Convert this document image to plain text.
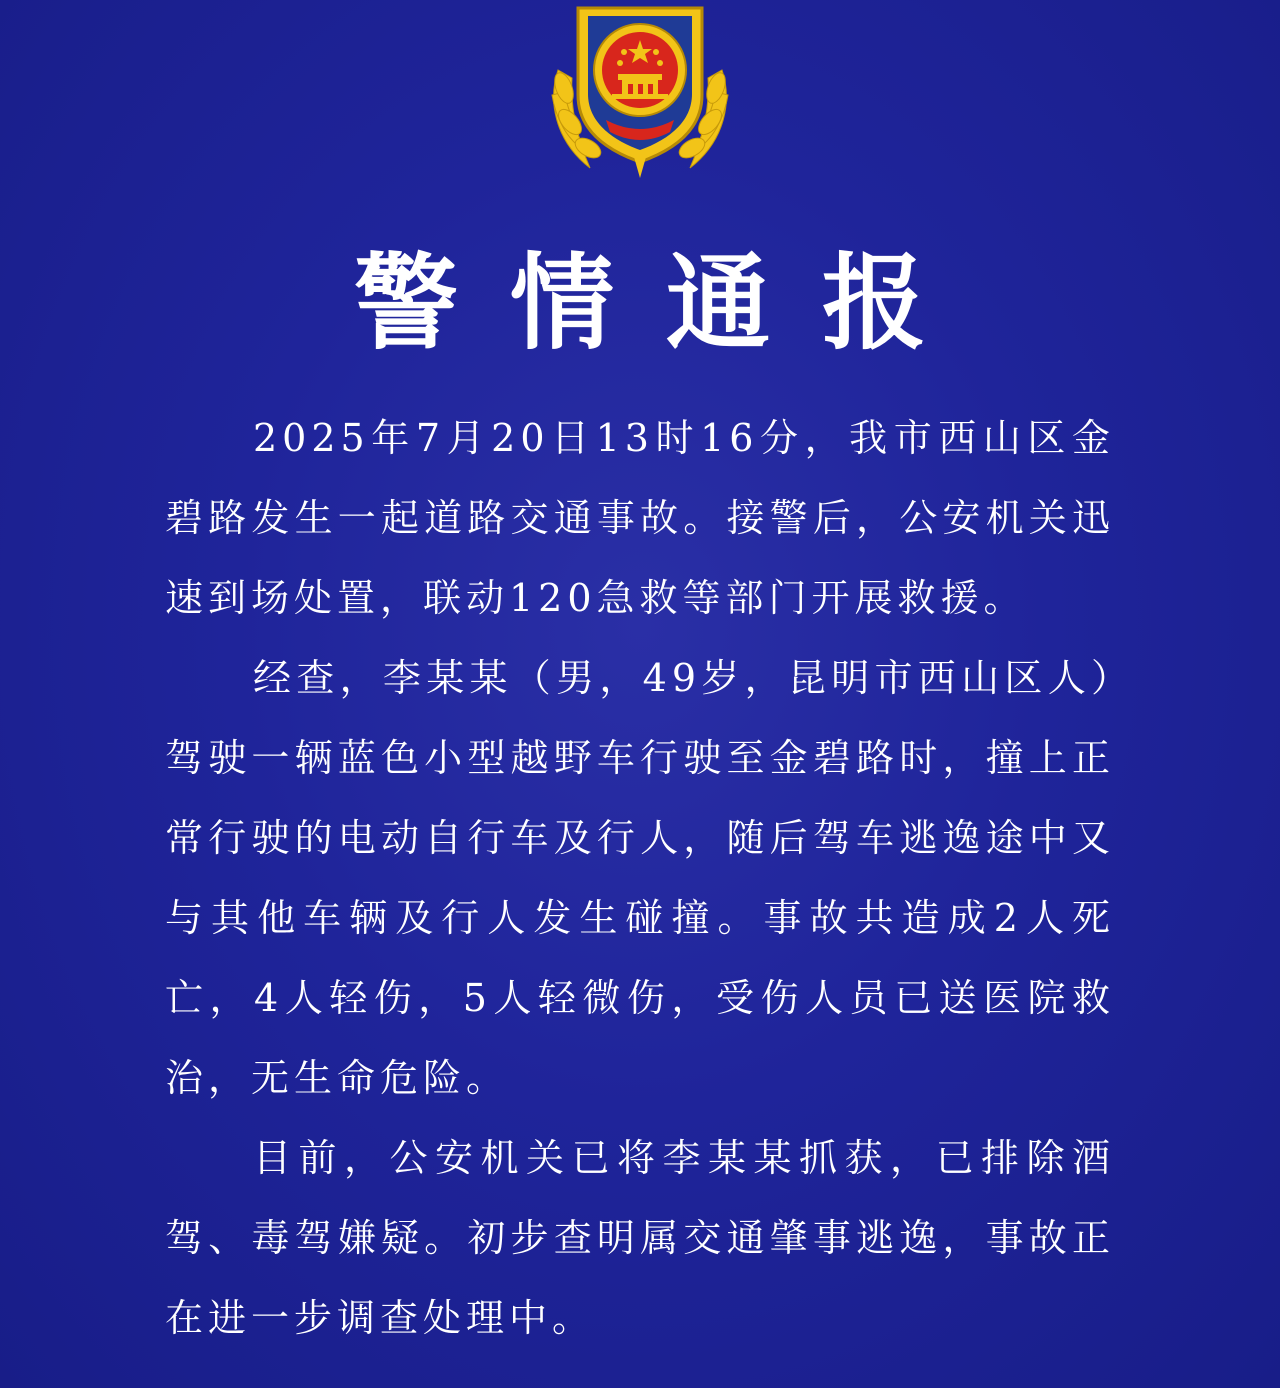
警情通报

2025年7月20日13时16分，我市西山区金碧路发生一起道路交通事故。接警后，公安机关迅速到场处置，联动120急救等部门开展救援。

经查，李某某（男，49岁，昆明市西山区人）驾驶一辆蓝色小型越野车行驶至金碧路时，撞上正常行驶的电动自行车及行人，随后驾车逃逸途中又与其他车辆及行人发生碰撞。事故共造成2人死亡，4人轻伤，5人轻微伤，受伤人员已送医院救治，无生命危险。

目前，公安机关已将李某某抓获，已排除酒驾、毒驾嫌疑。初步查明属交通肇事逃逸，事故正在进一步调查处理中。
